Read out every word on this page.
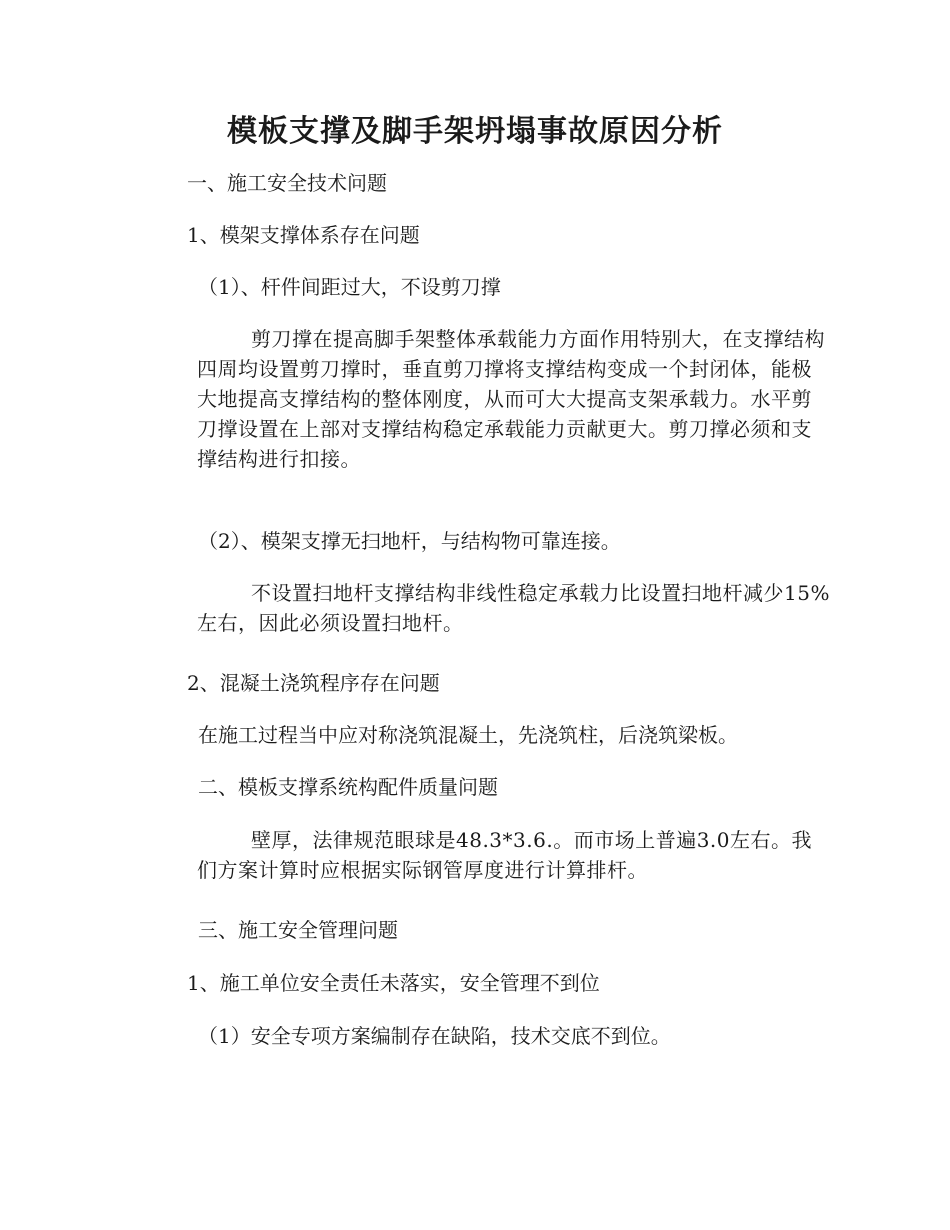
模板支撑及脚手架坍塌事故原因分析

一、施工安全技术问题

1、模架支撑体系存在问题

（1）、杆件间距过大，不设剪刀撑

剪刀撑在提高脚手架整体承载能力方面作用特别大，在支撑结构
四周均设置剪刀撑时，垂直剪刀撑将支撑结构变成一个封闭体，能极
大地提高支撑结构的整体刚度，从而可大大提高支架承载力。水平剪
刀撑设置在上部对支撑结构稳定承载能力贡献更大。剪刀撑必须和支
撑结构进行扣接。

（2）、模架支撑无扫地杆，与结构物可靠连接。

不设置扫地杆支撑结构非线性稳定承载力比设置扫地杆减少15%
左右，因此必须设置扫地杆。

2、混凝土浇筑程序存在问题

在施工过程当中应对称浇筑混凝土，先浇筑柱，后浇筑梁板。

二、模板支撑系统构配件质量问题

壁厚，法律规范眼球是48.3*3.6.。而市场上普遍3.0左右。我
们方案计算时应根据实际钢管厚度进行计算排杆。

三、施工安全管理问题

1、施工单位安全责任未落实，安全管理不到位

（1）安全专项方案编制存在缺陷，技术交底不到位。
